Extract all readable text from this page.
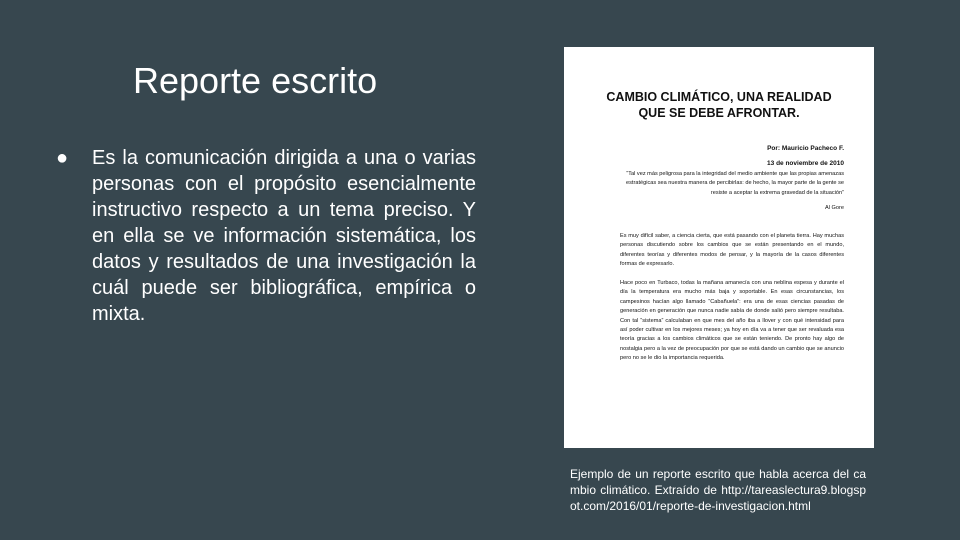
Reporte escrito
● Es la comunicación dirigida a una o varias personas con el propósito esencialmente instructivo respecto a un tema preciso. Y en ella se ve información sistemática, los datos y resultados de una investigación la cuál puede ser bibliográfica, empírica o mixta.
CAMBIO CLIMÁTICO, UNA REALIDAD QUE SE DEBE AFRONTAR.
Por: Mauricio Pacheco F.
13 de noviembre de 2010
“Tal vez más peligrosa para la integridad del medio ambiente que las propias amenazas estratégicas sea nuestra manera de percibirlas: de hecho, la mayor parte de la gente se resiste a aceptar la extrema gravedad de la situación”
Al Gore
Es muy difícil saber, a ciencia cierta, que está pasando con el planeta tierra. Hay muchas personas discutiendo sobre los cambios que se están presentando en el mundo, diferentes teorías y diferentes modos de pensar, y la mayoría de la casos diferentes formas de expresarlo.
Hace poco en Turbaco, todas la mañana amanecía con una neblina espesa y durante el día la temperatura era mucho más baja y soportable. En esas circunstancias, los campesinos hacían algo llamado “Cabañuela”: era una de esas ciencias pasadas de generación en generación que nunca nadie sabía de donde salió pero siempre resultaba. Con tal “sistema” calculaban en que mes del año iba a llover y con qué intensidad para así poder cultivar en los mejores meses; ya hoy en día va a tener que ser revaluada esa teoría gracias a los cambios climáticos que se están teniendo. De pronto hay algo de nostalgia pero a la vez de preocupación por que se está dando un cambio que se anuncio pero no se le dio la importancia requerida.
Ejemplo de un reporte escrito que habla acerca del cambio climático. Extraído de http://tareaslectura9.blogspot.com/2016/01/reporte-de-investigacion.html
